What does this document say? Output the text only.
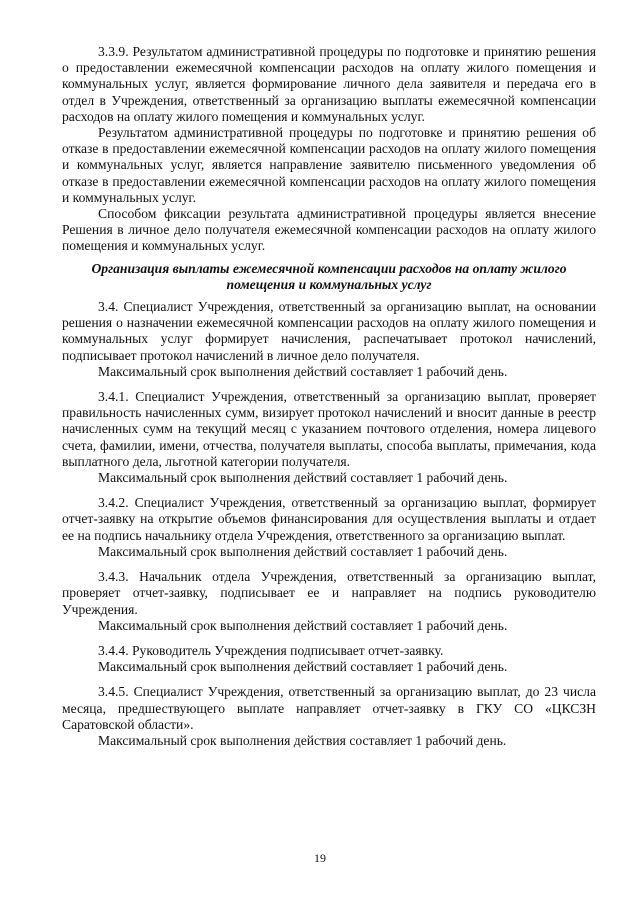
3.3.9. Результатом административной процедуры по подготовке и принятию решения о предоставлении ежемесячной компенсации расходов на оплату жилого помещения и коммунальных услуг, является формирование личного дела заявителя и передача его в отдел в Учреждения, ответственный за организацию выплаты ежемесячной компенсации расходов на оплату жилого помещения и коммунальных услуг.

Результатом административной процедуры по подготовке и принятию решения об отказе в предоставлении ежемесячной компенсации расходов на оплату жилого помещения и коммунальных услуг, является направление заявителю письменного уведомления об отказе в предоставлении ежемесячной компенсации расходов на оплату жилого помещения и коммунальных услуг.

Способом фиксации результата административной процедуры является внесение Решения в личное дело получателя ежемесячной компенсации расходов на оплату жилого помещения и коммунальных услуг.

Организация выплаты ежемесячной компенсации расходов на оплату жилого помещения и коммунальных услуг

3.4. Специалист Учреждения, ответственный за организацию выплат, на основании решения о назначении ежемесячной компенсации расходов на оплату жилого помещения и коммунальных услуг формирует начисления, распечатывает протокол начислений, подписывает протокол начислений в личное дело получателя.

Максимальный срок выполнения действий составляет 1 рабочий день.

3.4.1. Специалист Учреждения, ответственный за организацию выплат, проверяет правильность начисленных сумм, визирует протокол начислений и вносит данные в реестр начисленных сумм на текущий месяц с указанием почтового отделения, номера лицевого счета, фамилии, имени, отчества, получателя выплаты, способа выплаты, примечания, кода выплатного дела, льготной категории получателя.

Максимальный срок выполнения действий составляет 1 рабочий день.

3.4.2. Специалист Учреждения, ответственный за организацию выплат, формирует отчет-заявку на открытие объемов финансирования для осуществления выплаты и отдает ее на подпись начальнику отдела Учреждения, ответственного за организацию выплат.

Максимальный срок выполнения действий составляет 1 рабочий день.

3.4.3. Начальник отдела Учреждения, ответственный за организацию выплат, проверяет отчет-заявку, подписывает ее и направляет на подпись руководителю Учреждения.

Максимальный срок выполнения действий составляет 1 рабочий день.

3.4.4. Руководитель Учреждения подписывает отчет-заявку.

Максимальный срок выполнения действий составляет 1 рабочий день.

3.4.5. Специалист Учреждения, ответственный за организацию выплат, до 23 числа месяца, предшествующего выплате направляет отчет-заявку в ГКУ СО «ЦКСЗН Саратовской области».

Максимальный срок выполнения действия составляет 1 рабочий день.

19
